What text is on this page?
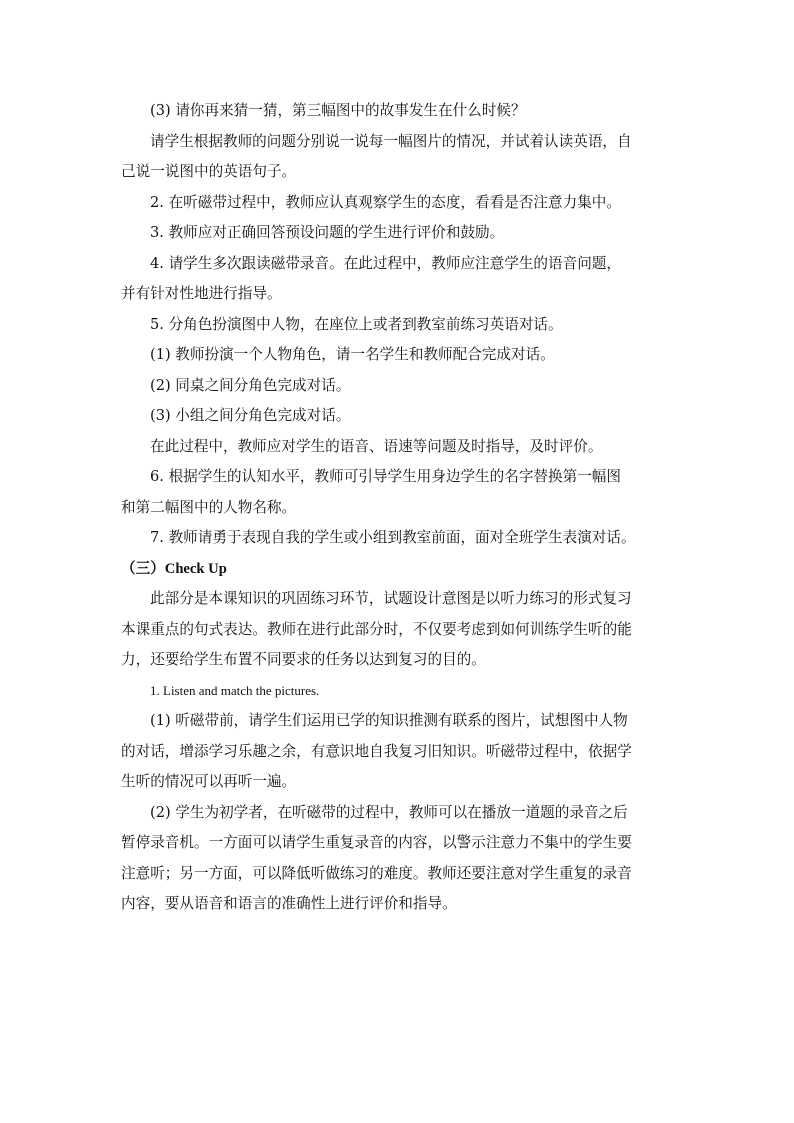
(3) 请你再来猜一猜，第三幅图中的故事发生在什么时候？

请学生根据教师的问题分别说一说每一幅图片的情况，并试着认读英语，自

己说一说图中的英语句子。

2. 在听磁带过程中，教师应认真观察学生的态度，看看是否注意力集中。

3. 教师应对正确回答预设问题的学生进行评价和鼓励。

4. 请学生多次跟读磁带录音。在此过程中，教师应注意学生的语音问题，

并有针对性地进行指导。

5. 分角色扮演图中人物，在座位上或者到教室前练习英语对话。

(1) 教师扮演一个人物角色，请一名学生和教师配合完成对话。

(2) 同桌之间分角色完成对话。

(3) 小组之间分角色完成对话。

在此过程中，教师应对学生的语音、语速等问题及时指导，及时评价。

6. 根据学生的认知水平，教师可引导学生用身边学生的名字替换第一幅图

和第二幅图中的人物名称。

7. 教师请勇于表现自我的学生或小组到教室前面，面对全班学生表演对话。

（三）Check Up

此部分是本课知识的巩固练习环节，试题设计意图是以听力练习的形式复习

本课重点的句式表达。教师在进行此部分时，不仅要考虑到如何训练学生听的能

力，还要给学生布置不同要求的任务以达到复习的目的。

1. Listen and match the pictures.

(1) 听磁带前，请学生们运用已学的知识推测有联系的图片，试想图中人物

的对话，增添学习乐趣之余，有意识地自我复习旧知识。听磁带过程中，依据学

生听的情况可以再听一遍。

(2) 学生为初学者，在听磁带的过程中，教师可以在播放一道题的录音之后

暂停录音机。一方面可以请学生重复录音的内容，以警示注意力不集中的学生要

注意听；另一方面，可以降低听做练习的难度。教师还要注意对学生重复的录音

内容，要从语音和语言的准确性上进行评价和指导。
